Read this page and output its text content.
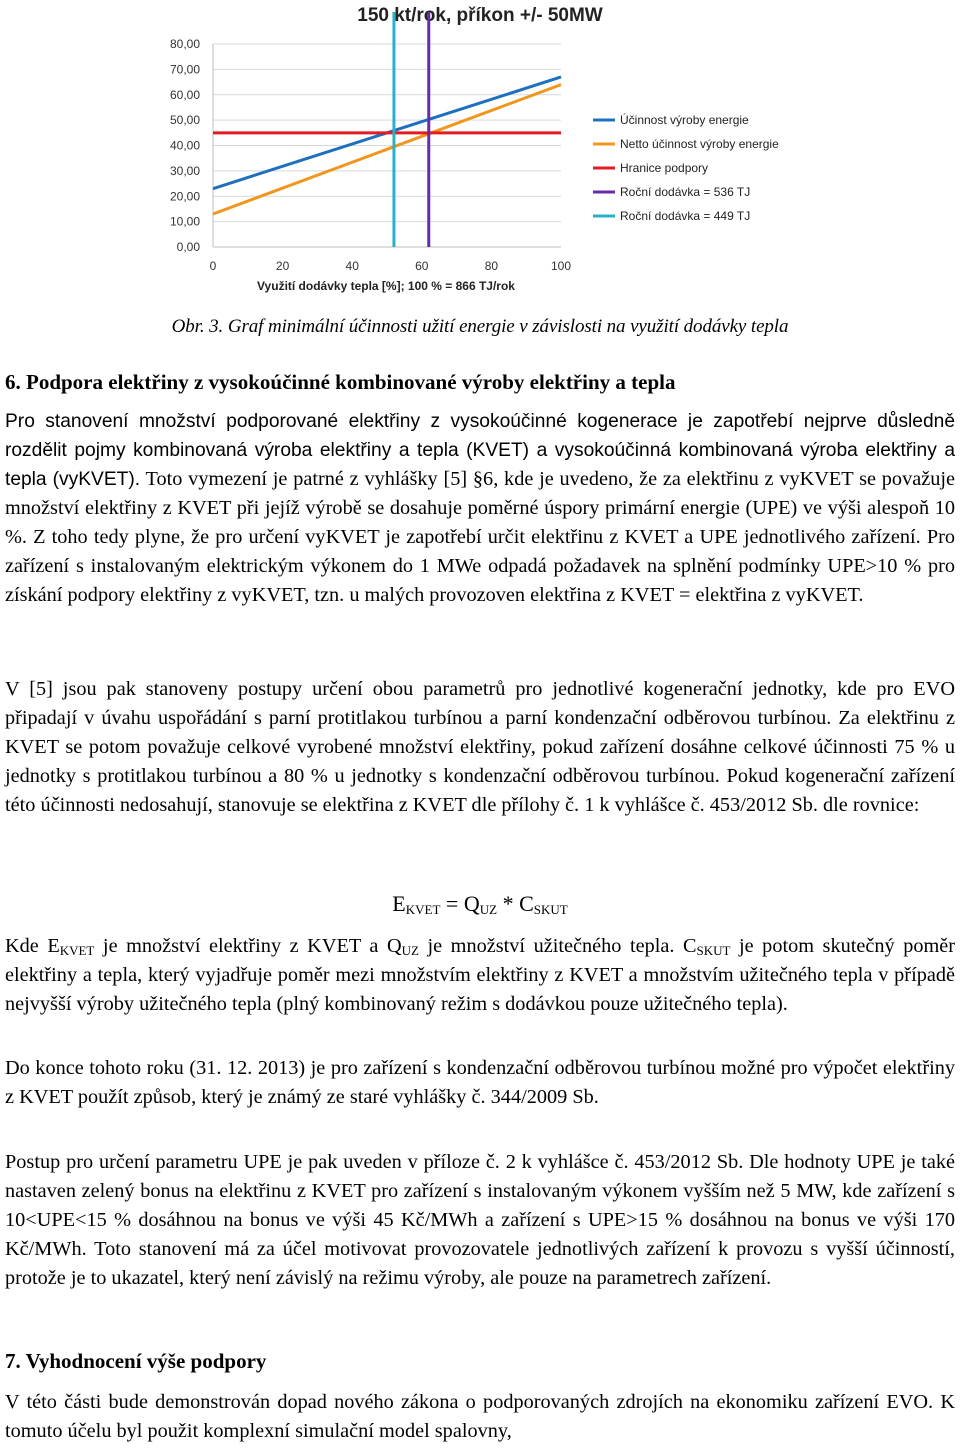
150 kt/rok, příkon +/- 50MW
0,00
10,00
20,00
30,00
40,00
50,00
60,00
70,00
80,00
0	20	40	60	80	100
Účinnost výroby energie
Netto účinnost výroby energie
Hranice podpory
Roční dodávka = 536 TJ
Roční dodávka = 449 TJ
Využití dodávky tepla [%]; 100 % = 866 TJ/rok
Obr. 3. Graf minimální účinnosti užití energie v závislosti na využití dodávky tepla
6. Podpora elektřiny z vysokoúčinné kombinované výroby elektřiny a tepla

Pro stanovení množství podporované elektřiny z vysokoúčinné kogenerace je zapotřebí nejprve důsledně rozdělit pojmy kombinovaná výroba elektřiny a tepla (KVET) a vysokoúčinná kombinovaná výroba elektřiny a tepla (vyKVET). Toto vymezení je patrné z vyhlášky [5] §6, kde je uvedeno, že za elektřinu z vyKVET se považuje množství elektřiny z KVET při jejíž výrobě se dosahuje poměrné úspory primární energie (UPE) ve výši alespoň 10 %. Z toho tedy plyne, že pro určení vyKVET je zapotřebí určit elektřinu z KVET a UPE jednotlivého zařízení. Pro zařízení s instalovaným elektrickým výkonem do 1 MWe odpadá požadavek na splnění podmínky UPE>10 % pro získání podpory elektřiny z vyKVET, tzn. u malých provozoven elektřina z KVET = elektřina z vyKVET.

V [5] jsou pak stanoveny postupy určení obou parametrů pro jednotlivé kogenerační jednotky, kde pro EVO připadají v úvahu uspořádání s parní protitlakou turbínou a parní kondenzační odběrovou turbínou. Za elektřinu z KVET se potom považuje celkové vyrobené množství elektřiny, pokud zařízení dosáhne celkové účinnosti 75 % u jednotky s protitlakou turbínou a 80 % u jednotky s kondenzační odběrovou turbínou. Pokud kogenerační zařízení této účinnosti nedosahují, stanovuje se elektřina z KVET dle přílohy č. 1 k vyhlášce č. 453/2012 Sb. dle rovnice:

$E_{KVET} = Q_{UZ} * C_{SKUT}$

Kde $E_{KVET}$ je množství elektřiny z KVET a $Q_{UZ}$ je množství užitečného tepla. $C_{SKUT}$ je potom skutečný poměr elektřiny a tepla, který vyjadřuje poměr mezi množstvím elektřiny z KVET a množstvím užitečného tepla v případě nejvyšší výroby užitečného tepla (plný kombinovaný režim s dodávkou pouze užitečného tepla).

Do konce tohoto roku (31. 12. 2013) je pro zařízení s kondenzační odběrovou turbínou možné pro výpočet elektřiny z KVET použít způsob, který je známý ze staré vyhlášky č. 344/2009 Sb.

Postup pro určení parametru UPE je pak uveden v příloze č. 2 k vyhlášce č. 453/2012 Sb. Dle hodnoty UPE je také nastaven zelený bonus na elektřinu z KVET pro zařízení s instalovaným výkonem vyšším než 5 MW, kde zařízení s 10<UPE<15 % dosáhnou na bonus ve výši 45 Kč/MWh a zařízení s UPE>15 % dosáhnou na bonus ve výši 170 Kč/MWh. Toto stanovení má za účel motivovat provozovatele jednotlivých zařízení k provozu s vyšší účinností, protože je to ukazatel, který není závislý na režimu výroby, ale pouze na parametrech zařízení.

7. Vyhodnocení výše podpory

V této části bude demonstrován dopad nového zákona o podporovaných zdrojích na ekonomiku zařízení EVO. K tomuto účelu byl použit komplexní simulační model spalovny,
